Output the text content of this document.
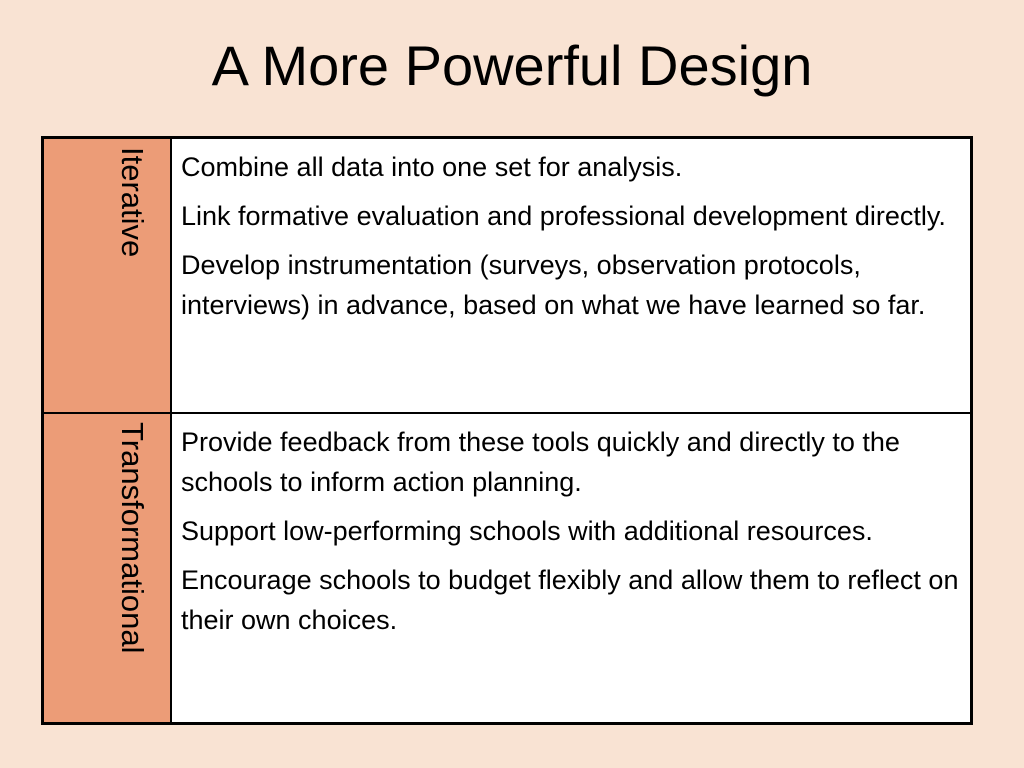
A More Powerful Design
Iterative Combine all data into one set for analysis.

Link formative evaluation and professional development directly.

Develop instrumentation (surveys, observation protocols, interviews) in advance, based on what we have learned so far.

Transformational Provide feedback from these tools quickly and directly to the schools to inform action planning.

Support low-performing schools with additional resources.

Encourage schools to budget flexibly and allow them to reflect on their own choices.
